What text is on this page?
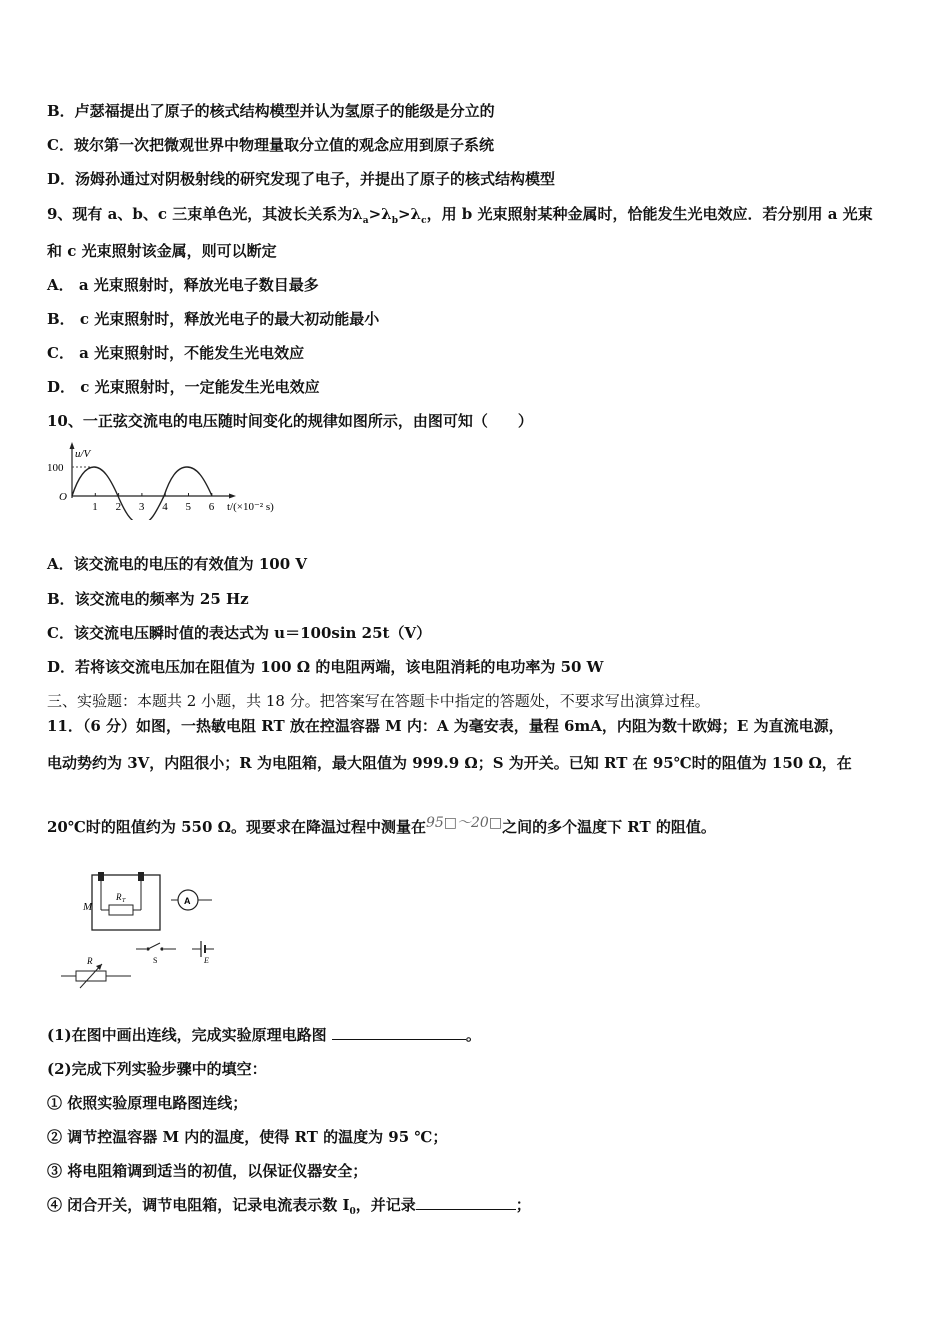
B．卢瑟福提出了原子的核式结构模型并认为氢原子的能级是分立的
C．玻尔第一次把微观世界中物理量取分立值的观念应用到原子系统
D．汤姆孙通过对阴极射线的研究发现了电子，并提出了原子的核式结构模型
9、现有 a、b、c 三束单色光，其波长关系为$\lambda_a>\lambda_b>\lambda_c$，用 b 光束照射某种金属时，恰能发生光电效应．若分别用 a 光束
和 c 光束照射该金属，则可以断定
A． a 光束照射时，释放光电子数目最多
B． c 光束照射时，释放光电子的最大初动能最小
C． a 光束照射时，不能发生光电效应
D． c 光束照射时，一定能发生光电效应
10、一正弦交流电的电压随时间变化的规律如图所示，由图可知（　　）
u/V
100
O
1 2 3 4 5 6 t/(×10⁻² s)
A．该交流电的电压的有效值为 100 V
B．该交流电的频率为 25 Hz
C．该交流电压瞬时值的表达式为 u＝100sin 25t（V）
D．若将该交流电压加在阻值为 100 Ω 的电阻两端，该电阻消耗的电功率为 50 W
三、实验题：本题共 2 小题，共 18 分。把答案写在答题卡中指定的答题处，不要求写出演算过程。
11．（6 分）如图，一热敏电阻 RT 放在控温容器 M 内：A 为毫安表，量程 6mA，内阻为数十欧姆；E 为直流电源，
电动势约为 3V，内阻很小；R 为电阻箱，最大阻值为 999.9 Ω；S 为开关。已知 RT 在 95℃时的阻值为 150 Ω，在
20℃时的阻值约为 550 Ω。现要求在降温过程中测量在95□～20□之间的多个温度下 RT 的阻值。
R T
M	A
S	E
R
(1)在图中画出连线，完成实验原理电路图	。
(2)完成下列实验步骤中的填空：
① 依照实验原理电路图连线；
② 调节控温容器 M 内的温度，使得 RT 的温度为 95 ℃；
③ 将电阻箱调到适当的初值，以保证仪器安全；
④ 闭合开关，调节电阻箱，记录电流表示数 $I_0$，并记录	；
